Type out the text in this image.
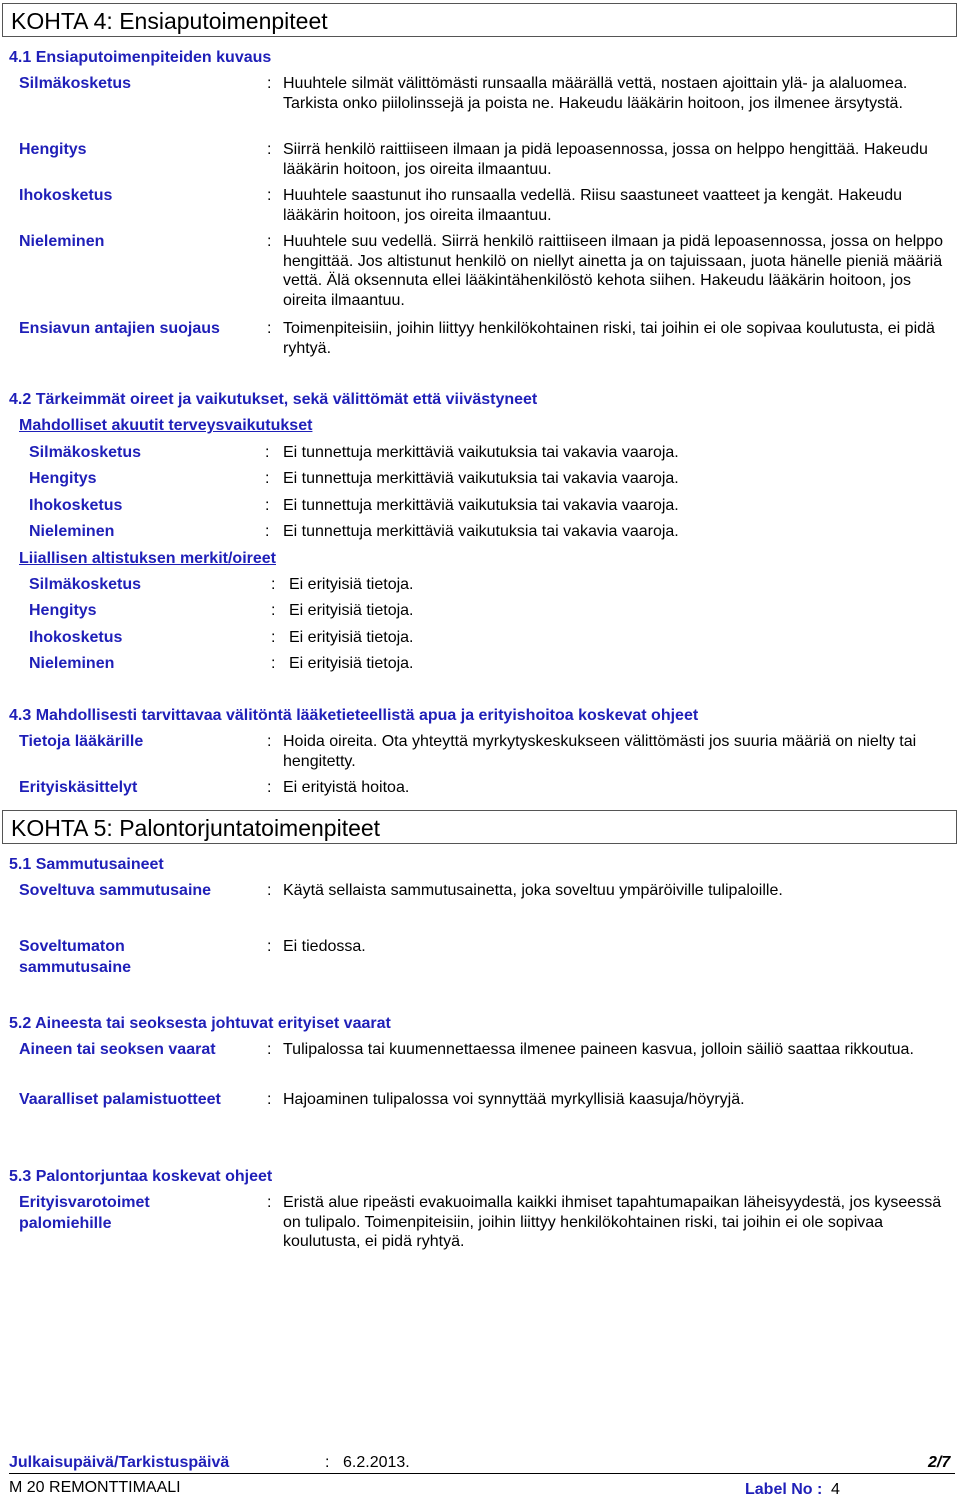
KOHTA 4: Ensiaputoimenpiteet
4.1 Ensiaputoimenpiteiden kuvaus
Silmäkosketus	: Huuhtele silmät välittömästi runsaalla määrällä vettä, nostaen ajoittain ylä- ja alaluomea. Tarkista onko piilolinssejä ja poista ne. Hakeudu lääkärin hoitoon, jos ilmenee ärsytystä.
Hengitys	: Siirrä henkilö raittiiseen ilmaan ja pidä lepoasennossa, jossa on helppo hengittää. Hakeudu lääkärin hoitoon, jos oireita ilmaantuu.
Ihokosketus	: Huuhtele saastunut iho runsaalla vedellä. Riisu saastuneet vaatteet ja kengät. Hakeudu lääkärin hoitoon, jos oireita ilmaantuu.
Nieleminen	: Huuhtele suu vedellä. Siirrä henkilö raittiiseen ilmaan ja pidä lepoasennossa, jossa on helppo hengittää. Jos altistunut henkilö on niellyt ainetta ja on tajuissaan, juota hänelle pieniä määriä vettä. Älä oksennuta ellei lääkintähenkilöstö kehota siihen. Hakeudu lääkärin hoitoon, jos oireita ilmaantuu.
Ensiavun antajien suojaus	: Toimenpiteisiin, joihin liittyy henkilökohtainen riski, tai joihin ei ole sopivaa koulutusta, ei pidä ryhtyä.
4.2 Tärkeimmät oireet ja vaikutukset, sekä välittömät että viivästyneet
Mahdolliset akuutit terveysvaikutukset
Silmäkosketus	: Ei tunnettuja merkittäviä vaikutuksia tai vakavia vaaroja.
Hengitys	: Ei tunnettuja merkittäviä vaikutuksia tai vakavia vaaroja.
Ihokosketus	: Ei tunnettuja merkittäviä vaikutuksia tai vakavia vaaroja.
Nieleminen	: Ei tunnettuja merkittäviä vaikutuksia tai vakavia vaaroja.
Liiallisen altistuksen merkit/oireet
Silmäkosketus	: Ei erityisiä tietoja.
Hengitys	: Ei erityisiä tietoja.
Ihokosketus	: Ei erityisiä tietoja.
Nieleminen	: Ei erityisiä tietoja.
4.3 Mahdollisesti tarvittavaa välitöntä lääketieteellistä apua ja erityishoitoa koskevat ohjeet
Tietoja lääkärille	: Hoida oireita. Ota yhteyttä myrkytyskeskukseen välittömästi jos suuria määriä on nielty tai hengitetty.
Erityiskäsittelyt	: Ei erityistä hoitoa.
KOHTA 5: Palontorjuntatoimenpiteet
5.1 Sammutusaineet
Soveltuva sammutusaine	: Käytä sellaista sammutusainetta, joka soveltuu ympäröiville tulipaloille.
Soveltumaton
sammutusaine
: Ei tiedossa.
5.2 Aineesta tai seoksesta johtuvat erityiset vaarat
Aineen tai seoksen vaarat	: Tulipalossa tai kuumennettaessa ilmenee paineen kasvua, jolloin säiliö saattaa rikkoutua.
Vaaralliset palamistuotteet	: Hajoaminen tulipalossa voi synnyttää myrkyllisiä kaasuja/höyryjä.
5.3 Palontorjuntaa koskevat ohjeet
Erityisvarotoimet
palomiehille
: Eristä alue ripeästi evakuoimalla kaikki ihmiset tapahtumapaikan läheisyydestä, jos kyseessä on tulipalo. Toimenpiteisiin, joihin liittyy henkilökohtainen riski, tai joihin ei ole sopivaa koulutusta, ei pidä ryhtyä.
Julkaisupäivä/Tarkistuspäivä	: 6.2.2013.	2/7
M 20 REMONTTIMAALI	Label No : 4
